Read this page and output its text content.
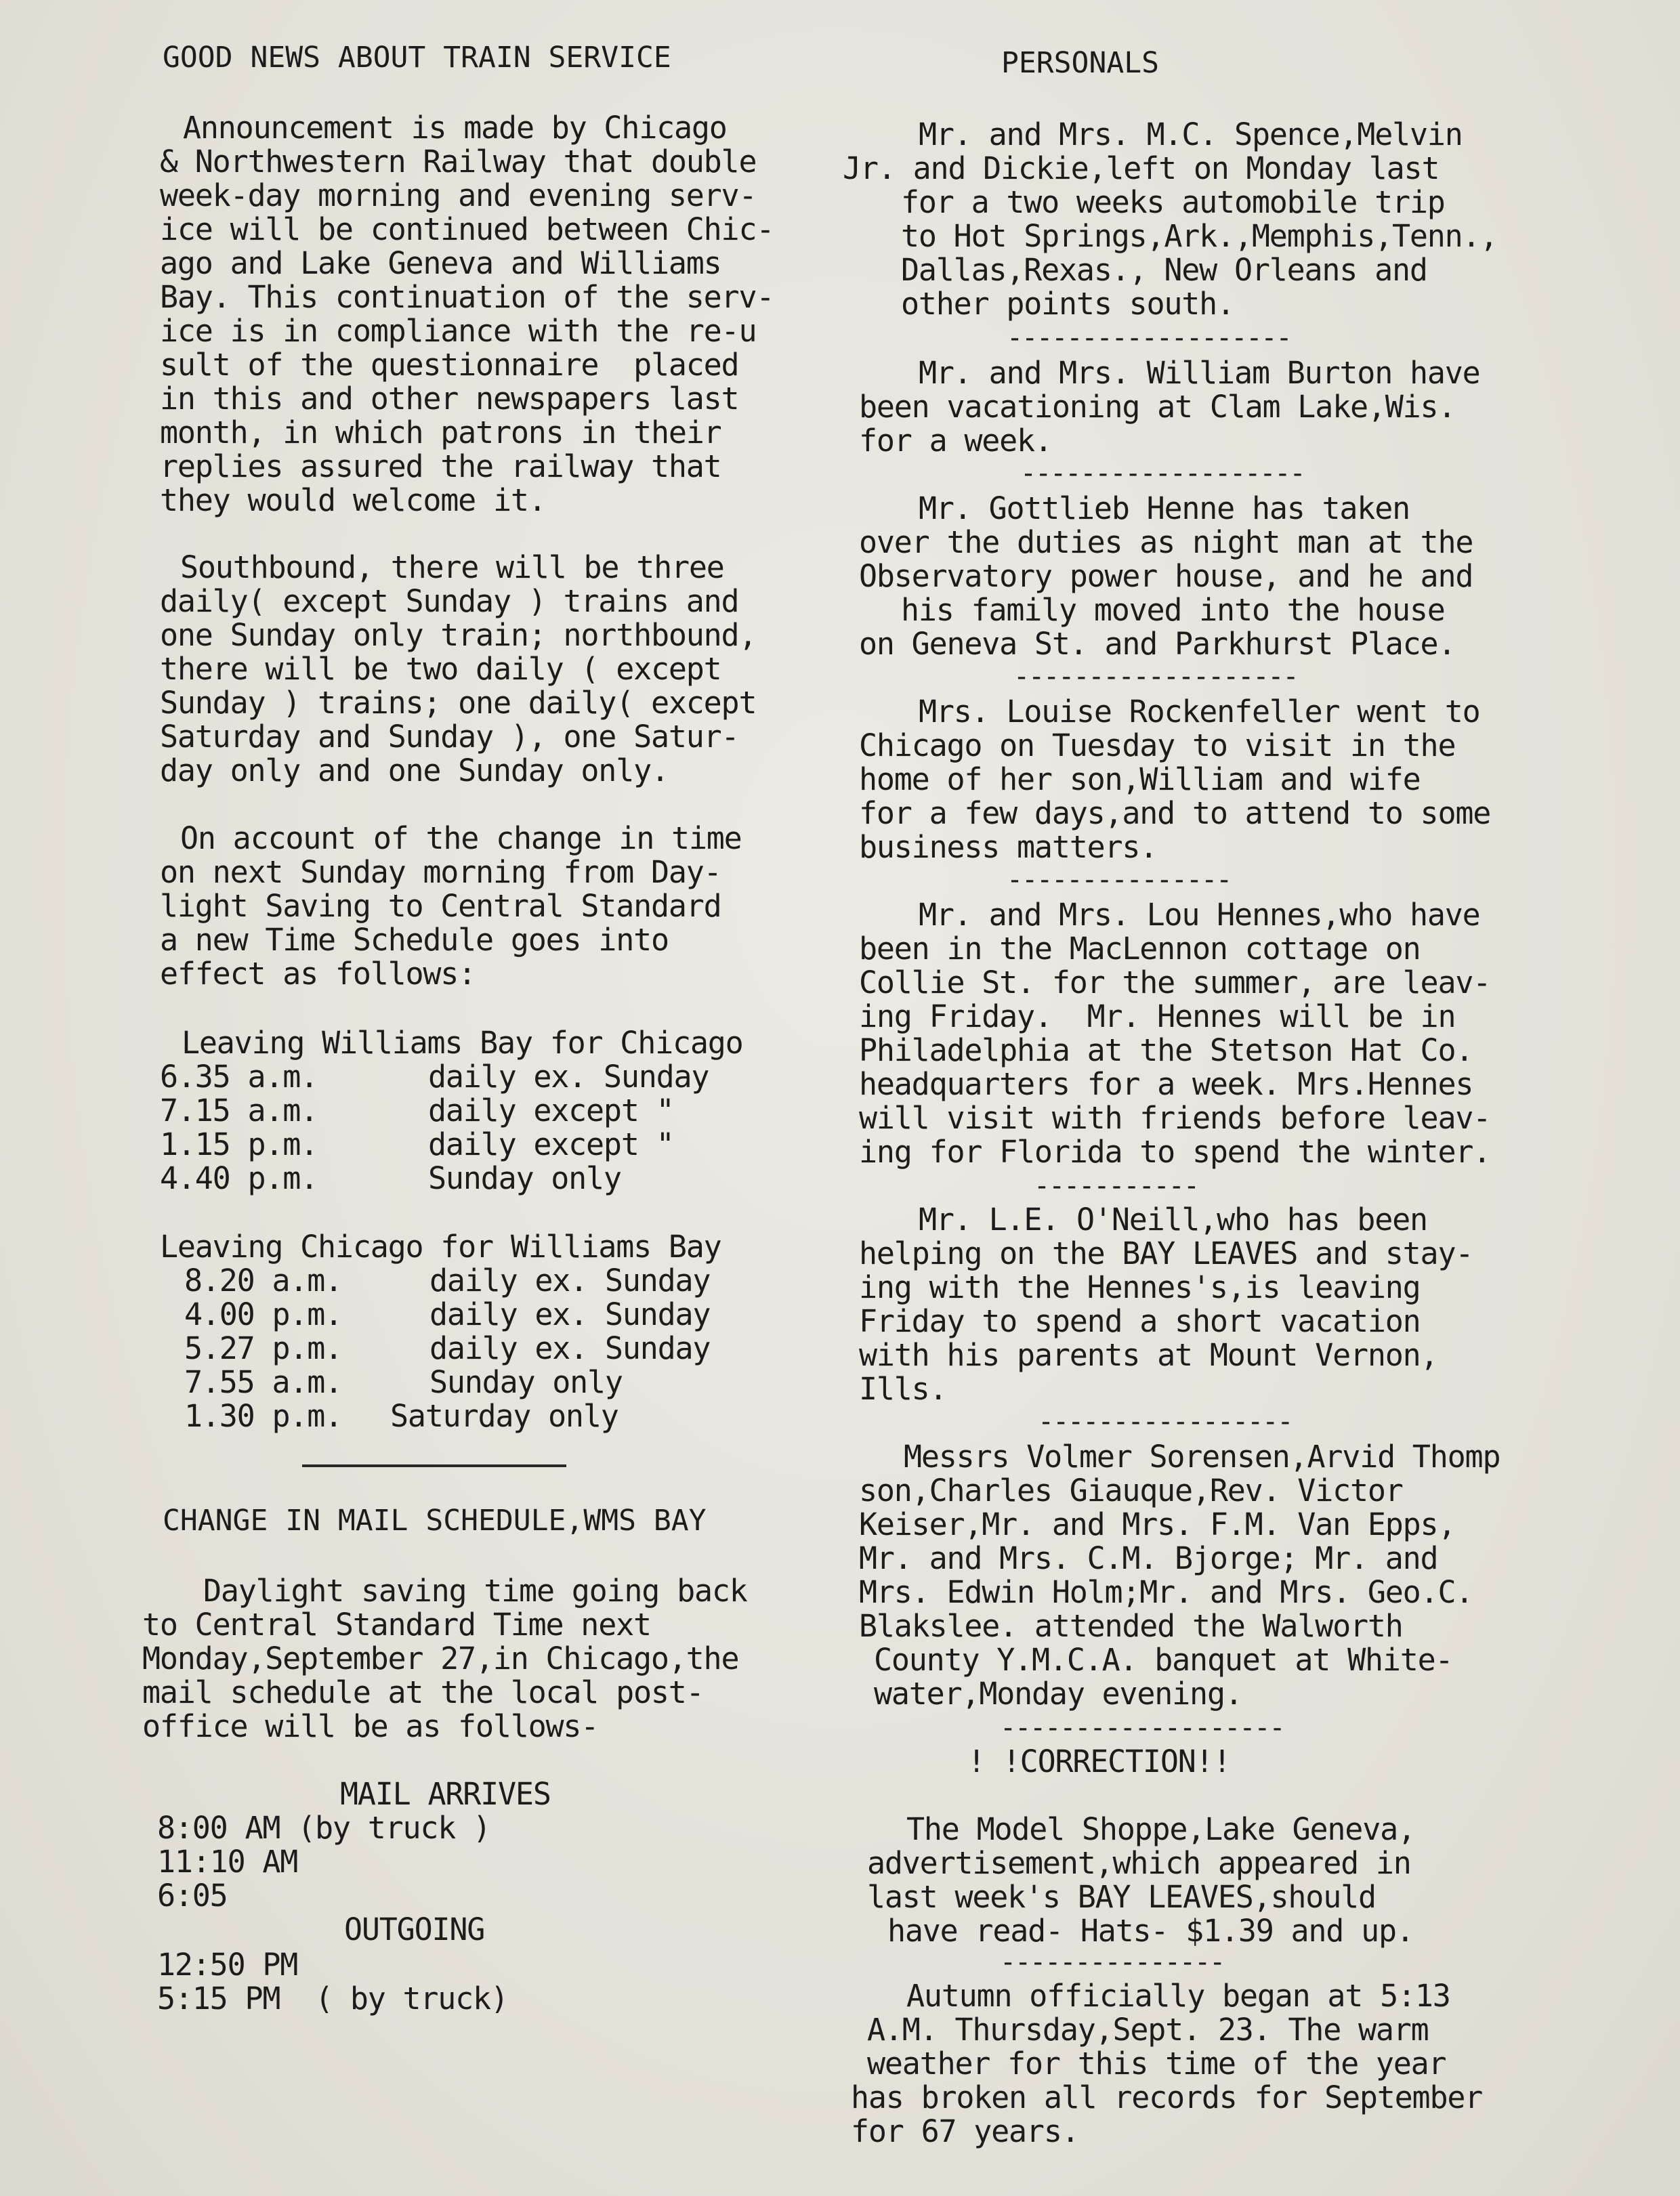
GOOD NEWS ABOUT TRAIN SERVICE
Announcement is made by Chicago
& Northwestern Railway that double
week-day morning and evening serv-
ice will be continued between Chic-
ago and Lake Geneva and Williams
Bay. This continuation of the serv-
ice is in compliance with the re-u
sult of the questionnaire  placed
in this and other newspapers last
month, in which patrons in their
replies assured the railway that
they would welcome it.
Southbound, there will be three
daily( except Sunday ) trains and
one Sunday only train; northbound,
there will be two daily ( except
Sunday ) trains; one daily( except
Saturday and Sunday ), one Satur-
day only and one Sunday only.
On account of the change in time
on next Sunday morning from Day-
light Saving to Central Standard
a new Time Schedule goes into
effect as follows:
Leaving Williams Bay for Chicago
6.35 a.m.	daily ex. Sunday
7.15 a.m.	daily except "
1.15 p.m.	daily except "
4.40 p.m.	Sunday only
Leaving Chicago for Williams Bay
8.20 a.m.	daily ex. Sunday
4.00 p.m.	daily ex. Sunday
5.27 p.m.	daily ex. Sunday
7.55 a.m.	Sunday only
1.30 p.m. Saturday only
CHANGE IN MAIL SCHEDULE,WMS BAY
Daylight saving time going back
to Central Standard Time next
Monday,September 27,in Chicago,the
mail schedule at the local post-
office will be as follows-
MAIL ARRIVES
8:00 AM (by truck )
11:10 AM
6:05
OUTGOING
12:50 PM
5:15 PM  ( by truck)
PERSONALS
Mr. and Mrs. M.C. Spence,Melvin
Jr. and Dickie,left on Monday last
for a two weeks automobile trip
to Hot Springs,Ark.,Memphis,Tenn.,
Dallas,Rexas., New Orleans and
other points south.
-------------------
Mr. and Mrs. William Burton have
been vacationing at Clam Lake,Wis.
for a week.
-------------------
Mr. Gottlieb Henne has taken
over the duties as night man at the
Observatory power house, and he and
his family moved into the house
on Geneva St. and Parkhurst Place.
-------------------
Mrs. Louise Rockenfeller went to
Chicago on Tuesday to visit in the
home of her son,William and wife
for a few days,and to attend to some
business matters.
---------------
Mr. and Mrs. Lou Hennes,who have
been in the MacLennon cottage on
Collie St. for the summer, are leav-
ing Friday.  Mr. Hennes will be in
Philadelphia at the Stetson Hat Co.
headquarters for a week. Mrs.Hennes
will visit with friends before leav-
ing for Florida to spend the winter.
-----------
Mr. L.E. O'Neill,who has been
helping on the BAY LEAVES and stay-
ing with the Hennes's,is leaving
Friday to spend a short vacation
with his parents at Mount Vernon,
Ills.
-----------------
Messrs Volmer Sorensen,Arvid Thomp
son,Charles Giauque,Rev. Victor
Keiser,Mr. and Mrs. F.M. Van Epps,
Mr. and Mrs. C.M. Bjorge; Mr. and
Mrs. Edwin Holm;Mr. and Mrs. Geo.C.
Blakslee. attended the Walworth
County Y.M.C.A. banquet at White-
water,Monday evening.
-------------------
! !CORRECTION!!
The Model Shoppe,Lake Geneva,
advertisement,which appeared in
last week's BAY LEAVES,should
have read- Hats- $1.39 and up.
---------------
Autumn officially began at 5:13
A.M. Thursday,Sept. 23. The warm
weather for this time of the year
has broken all records for September
for 67 years.
